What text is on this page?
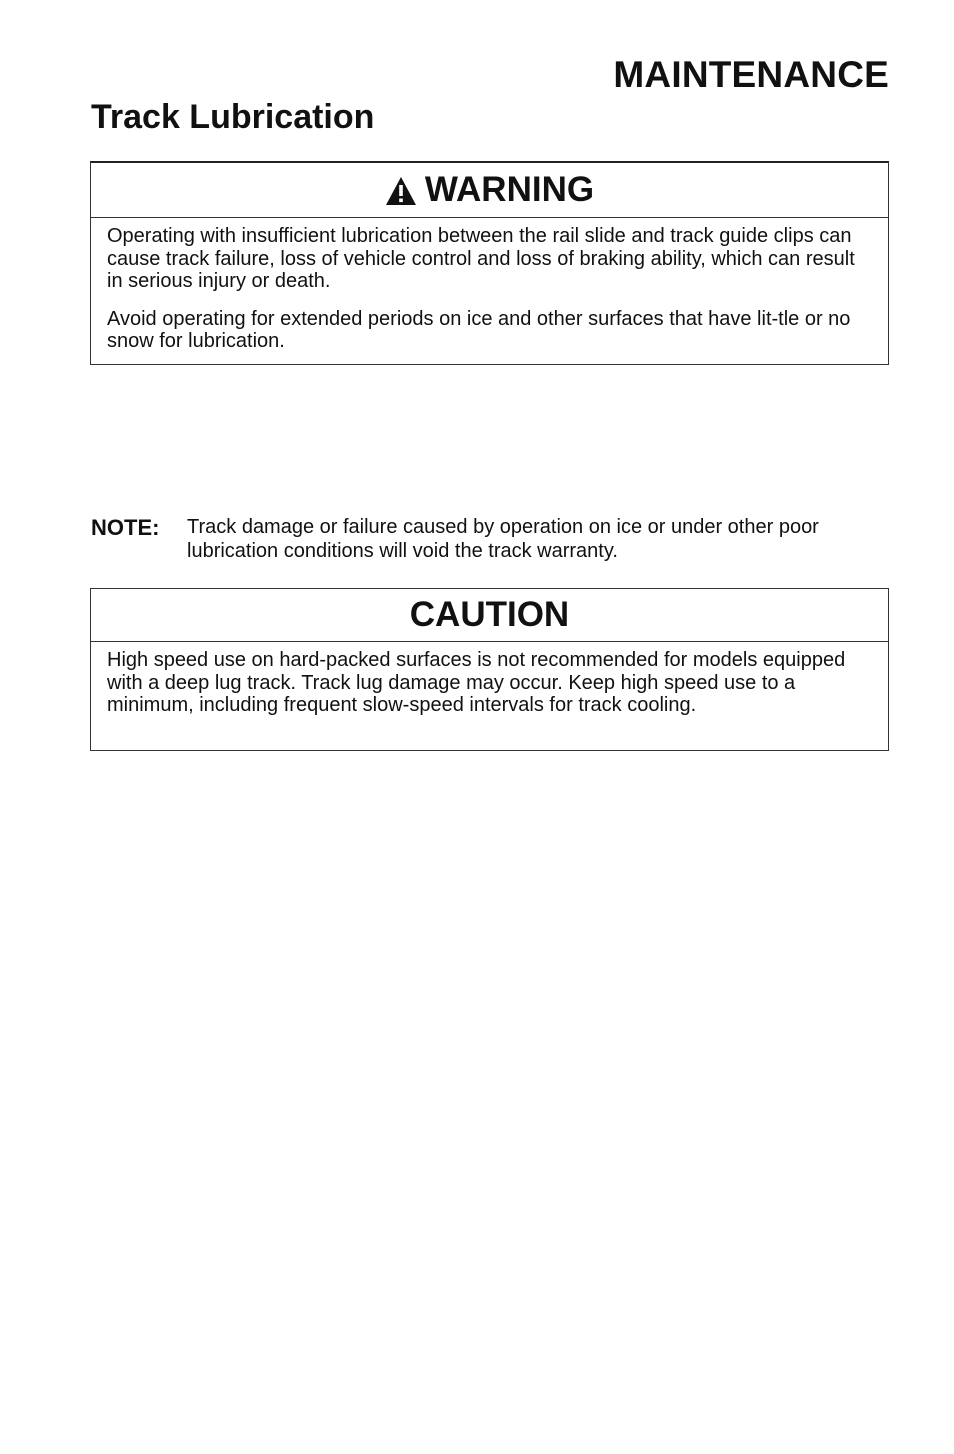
MAINTENANCE
Track Lubrication
WARNING

Operating with insufficient lubrication between the rail slide and track guide clips can cause track failure, loss of vehicle control and loss of braking ability, which can result in serious injury or death.

Avoid operating for extended periods on ice and other surfaces that have lit-tle or no snow for lubrication.

NOTE:	Track damage or failure caused by operation on ice or under other poor lubrication conditions will void the track warranty.
CAUTION

High speed use on hard-packed surfaces is not recommended for models equipped with a deep lug track. Track lug damage may occur. Keep high speed use to a minimum, including frequent slow-speed intervals for track cooling.
